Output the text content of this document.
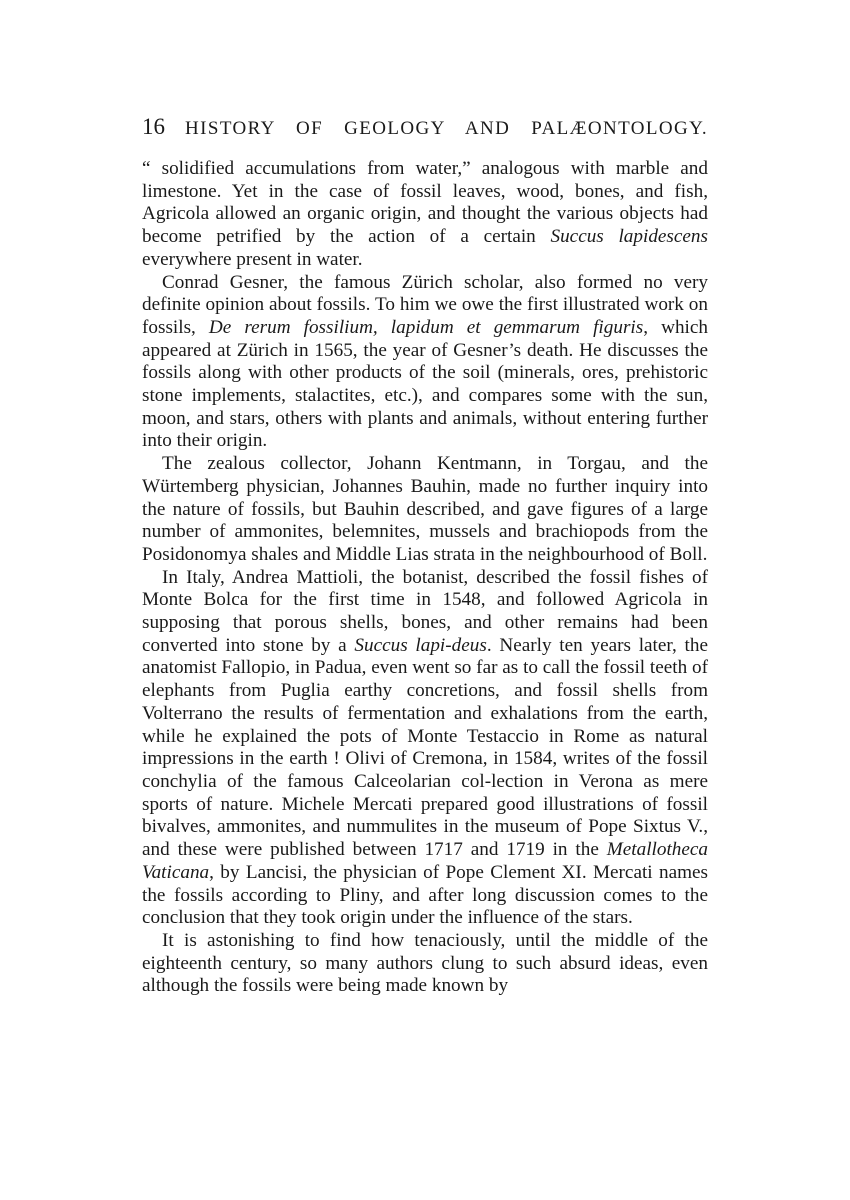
16 HISTORY OF GEOLOGY AND PALÆONTOLOGY.

“ solidified accumulations from water,” analogous with marble and limestone. Yet in the case of fossil leaves, wood, bones, and fish, Agricola allowed an organic origin, and thought the various objects had become petrified by the action of a certain Succus lapidescens everywhere present in water.

Conrad Gesner, the famous Zürich scholar, also formed no very definite opinion about fossils. To him we owe the first illustrated work on fossils, De rerum fossilium, lapidum et gemmarum figuris, which appeared at Zürich in 1565, the year of Gesner’s death. He discusses the fossils along with other products of the soil (minerals, ores, prehistoric stone implements, stalactites, etc.), and compares some with the sun, moon, and stars, others with plants and animals, without entering further into their origin.

The zealous collector, Johann Kentmann, in Torgau, and the Würtemberg physician, Johannes Bauhin, made no further inquiry into the nature of fossils, but Bauhin described, and gave figures of a large number of ammonites, belemnites, mussels and brachiopods from the Posidonomya shales and Middle Lias strata in the neighbourhood of Boll.

In Italy, Andrea Mattioli, the botanist, described the fossil fishes of Monte Bolca for the first time in 1548, and followed Agricola in supposing that porous shells, bones, and other remains had been converted into stone by a Succus lapi-deus. Nearly ten years later, the anatomist Fallopio, in Padua, even went so far as to call the fossil teeth of elephants from Puglia earthy concretions, and fossil shells from Volterrano the results of fermentation and exhalations from the earth, while he explained the pots of Monte Testaccio in Rome as natural impressions in the earth ! Olivi of Cremona, in 1584, writes of the fossil conchylia of the famous Calceolarian col-lection in Verona as mere sports of nature. Michele Mercati prepared good illustrations of fossil bivalves, ammonites, and nummulites in the museum of Pope Sixtus V., and these were published between 1717 and 1719 in the Metallotheca Vaticana, by Lancisi, the physician of Pope Clement XI. Mercati names the fossils according to Pliny, and after long discussion comes to the conclusion that they took origin under the influence of the stars.

It is astonishing to find how tenaciously, until the middle of the eighteenth century, so many authors clung to such absurd ideas, even although the fossils were being made known by
